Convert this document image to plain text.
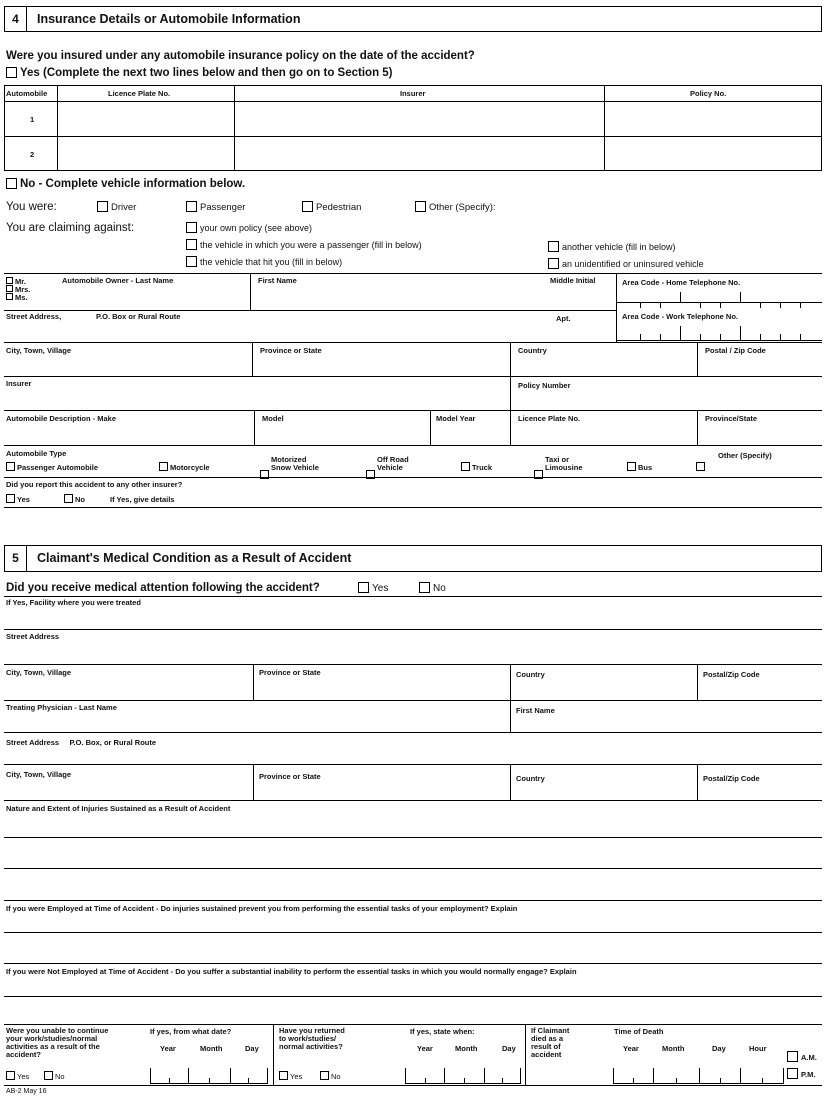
4	Insurance Details or Automobile Information
Were you insured under any automobile insurance policy on the date of the accident?
Yes (Complete the next two lines below and then go on to Section 5)
Automobile	Licence Plate No.	Insurer	Policy No.
1
2
No - Complete vehicle information below.
You were:	Driver	Passenger	Pedestrian	Other (Specify):
You are claiming against:	your own policy (see above)
the vehicle in which you were a passenger (fill in below)
the vehicle that hit you (fill in below)
another vehicle (fill in below)
an unidentified or uninsured vehicle
Mr.
Mrs.
Ms.
Automobile Owner - Last Name	First Name	Middle Initial	Area Code - Home Telephone No.
Street Address,	P.O. Box or Rural Route	Apt.	Area Code - Work Telephone No.
City, Town, Village	Province or State	Country	Postal / Zip Code
Insurer	Policy Number
Automobile Description - Make	Model	Model Year	Licence Plate No.	Province/State
Automobile Type	Other (Specify)
Passenger Automobile	Motorcycle
Motorized
Snow Vehicle
Off Road
Vehicle	Truck
Taxi or
Limousine	Bus
Did you report this accident to any other insurer?
Yes	No	If Yes, give details
5	Claimant's Medical Condition as a Result of Accident
Did you receive medical attention following the accident?	Yes	No
If Yes, Facility where you were treated
Street Address
City, Town, Village	Province or State	Country	Postal/Zip Code
Treating Physician - Last Name	First Name
Street Address     P.O. Box, or Rural Route
City, Town, Village	Province or State	Country	Postal/Zip Code
Nature and Extent of Injuries Sustained as a Result of Accident
If you were Employed at Time of Accident - Do injuries sustained prevent you from performing the essential tasks of your employment? Explain
If you were Not Employed at Time of Accident - Do you suffer a substantial inability to perform the essential tasks in which you would normally engage? Explain
Were you unable to continue
your work/studies/normal
activities as a result of the
accident?
Yes	No
If yes, from what date?
Year	Month	Day
Have you returned
to work/studies/
normal activities?
Yes	No
If yes, state when:
Year	Month	Day
If Claimant
died as a
result of
accident
Time of Death
Year	Month	Day	Hour
A.M.
P.M.
AB-2 May 16
